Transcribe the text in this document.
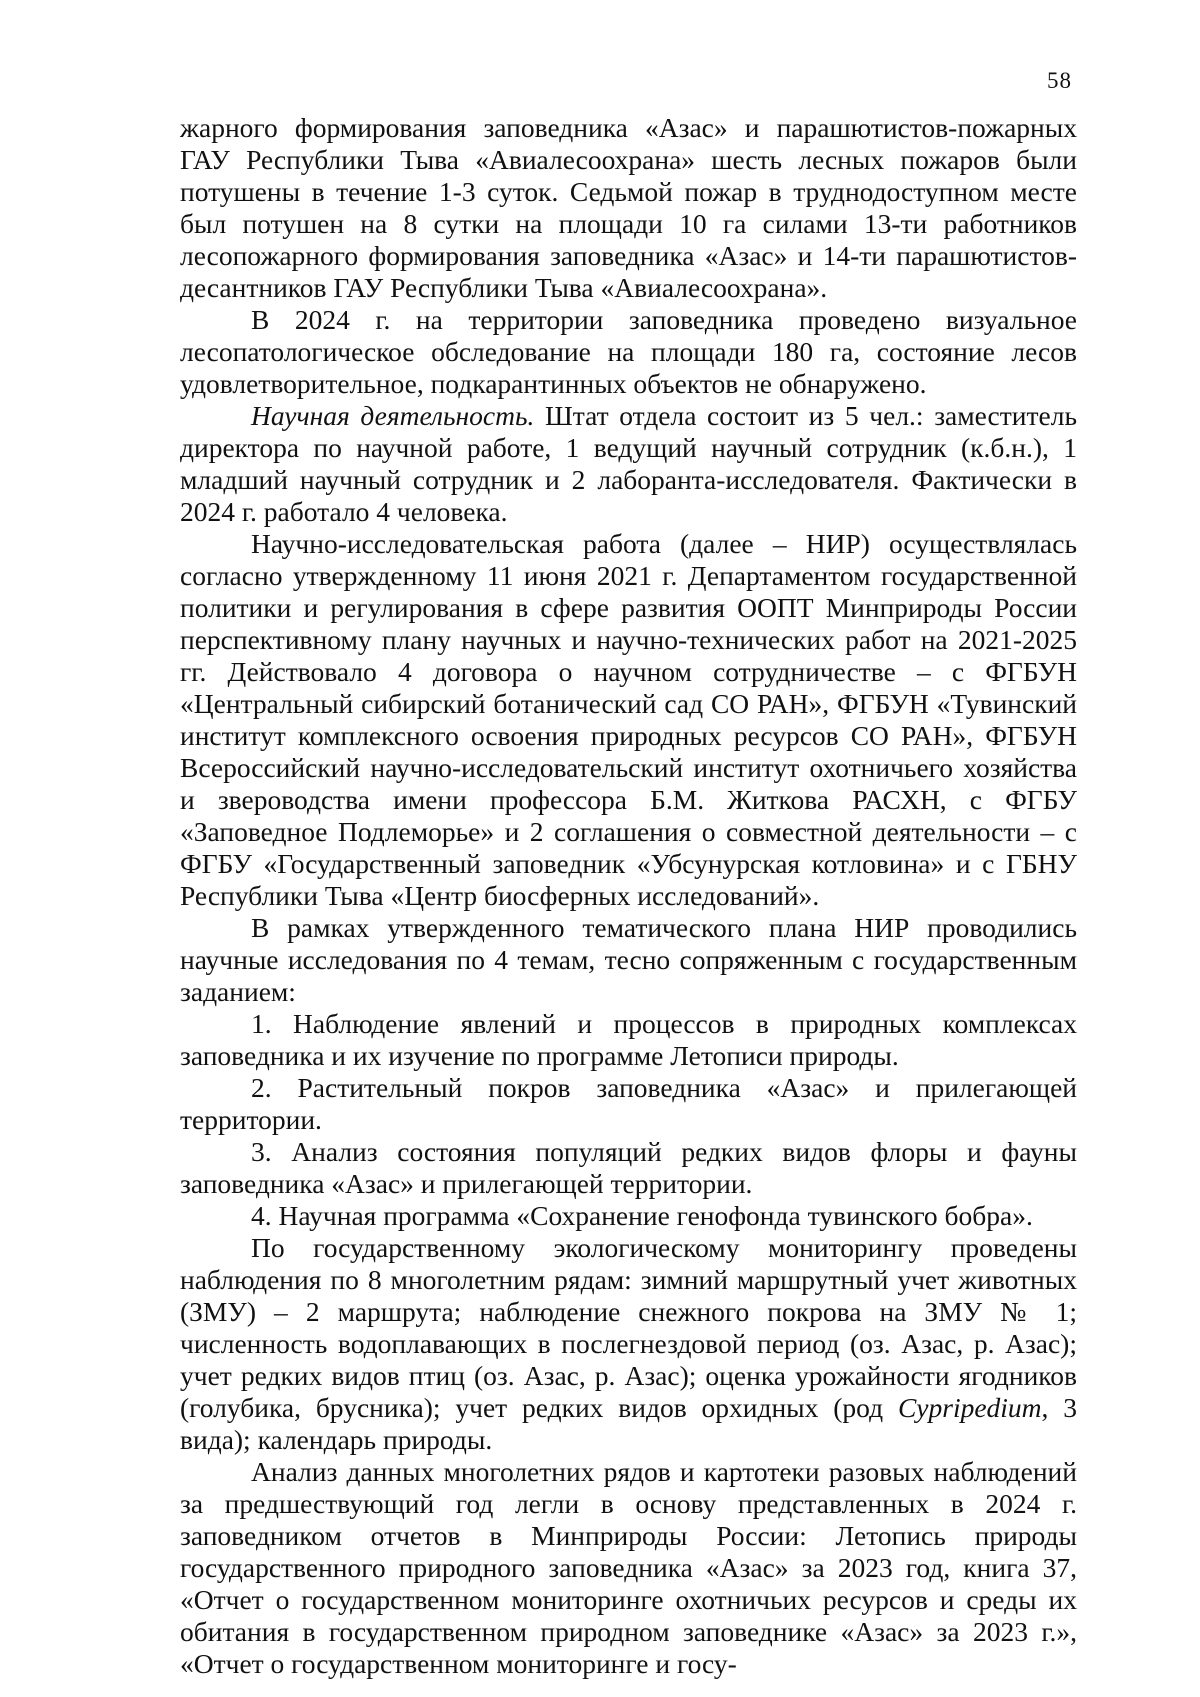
58

жарного формирования заповедника «Азас» и парашютистов-пожарных ГАУ Республики Тыва «Авиалесоохрана» шесть лесных пожаров были потушены в течение 1-3 суток. Седьмой пожар в труднодоступном месте был потушен на 8 сутки на площади 10 га силами 13-ти работников лесопожарного формирования заповедника «Азас» и 14-ти парашютистов-десантников ГАУ Республики Тыва «Авиалесоохрана».

В 2024 г. на территории заповедника проведено визуальное лесопатологическое обследование на площади 180 га, состояние лесов удовлетворительное, подкарантинных объектов не обнаружено.

Научная деятельность. Штат отдела состоит из 5 чел.: заместитель директора по научной работе, 1 ведущий научный сотрудник (к.б.н.), 1 младший научный сотрудник и 2 лаборанта-исследователя. Фактически в 2024 г. работало 4 человека.

Научно-исследовательская работа (далее – НИР) осуществлялась согласно утвержденному 11 июня 2021 г. Департаментом государственной политики и регулирования в сфере развития ООПТ Минприроды России перспективному плану научных и научно-технических работ на 2021-2025 гг. Действовало 4 договора о научном сотрудничестве – с ФГБУН «Центральный сибирский ботанический сад СО РАН», ФГБУН «Тувинский институт комплексного освоения природных ресурсов СО РАН», ФГБУН Всероссийский научно-исследовательский институт охотничьего хозяйства и звероводства имени профессора Б.М. Житкова РАСХН, с ФГБУ «Заповедное Подлеморье» и 2 соглашения о совместной деятельности – с ФГБУ «Государственный заповедник «Убсунурская котловина» и с ГБНУ Республики Тыва «Центр биосферных исследований».

В рамках утвержденного тематического плана НИР проводились научные исследования по 4 темам, тесно сопряженным с государственным заданием:

1. Наблюдение явлений и процессов в природных комплексах заповедника и их изучение по программе Летописи природы.

2. Растительный покров заповедника «Азас» и прилегающей территории.

3. Анализ состояния популяций редких видов флоры и фауны заповедника «Азас» и прилегающей территории.

4. Научная программа «Сохранение генофонда тувинского бобра».

По государственному экологическому мониторингу проведены наблюдения по 8 многолетним рядам: зимний маршрутный учет животных (ЗМУ) – 2 маршрута; наблюдение снежного покрова на ЗМУ № 1; численность водоплавающих в послегнездовой период (оз. Азас, р. Азас); учет редких видов птиц (оз. Азас, р. Азас); оценка урожайности ягодников (голубика, брусника); учет редких видов орхидных (род Cypripedium, 3 вида); календарь природы.

Анализ данных многолетних рядов и картотеки разовых наблюдений за предшествующий год легли в основу представленных в 2024 г. заповедником отчетов в Минприроды России: Летопись природы государственного природного заповедника «Азас» за 2023 год, книга 37, «Отчет о государственном мониторинге охотничьих ресурсов и среды их обитания в государственном природном заповеднике «Азас» за 2023 г.», «Отчет о государственном мониторинге и госу-
